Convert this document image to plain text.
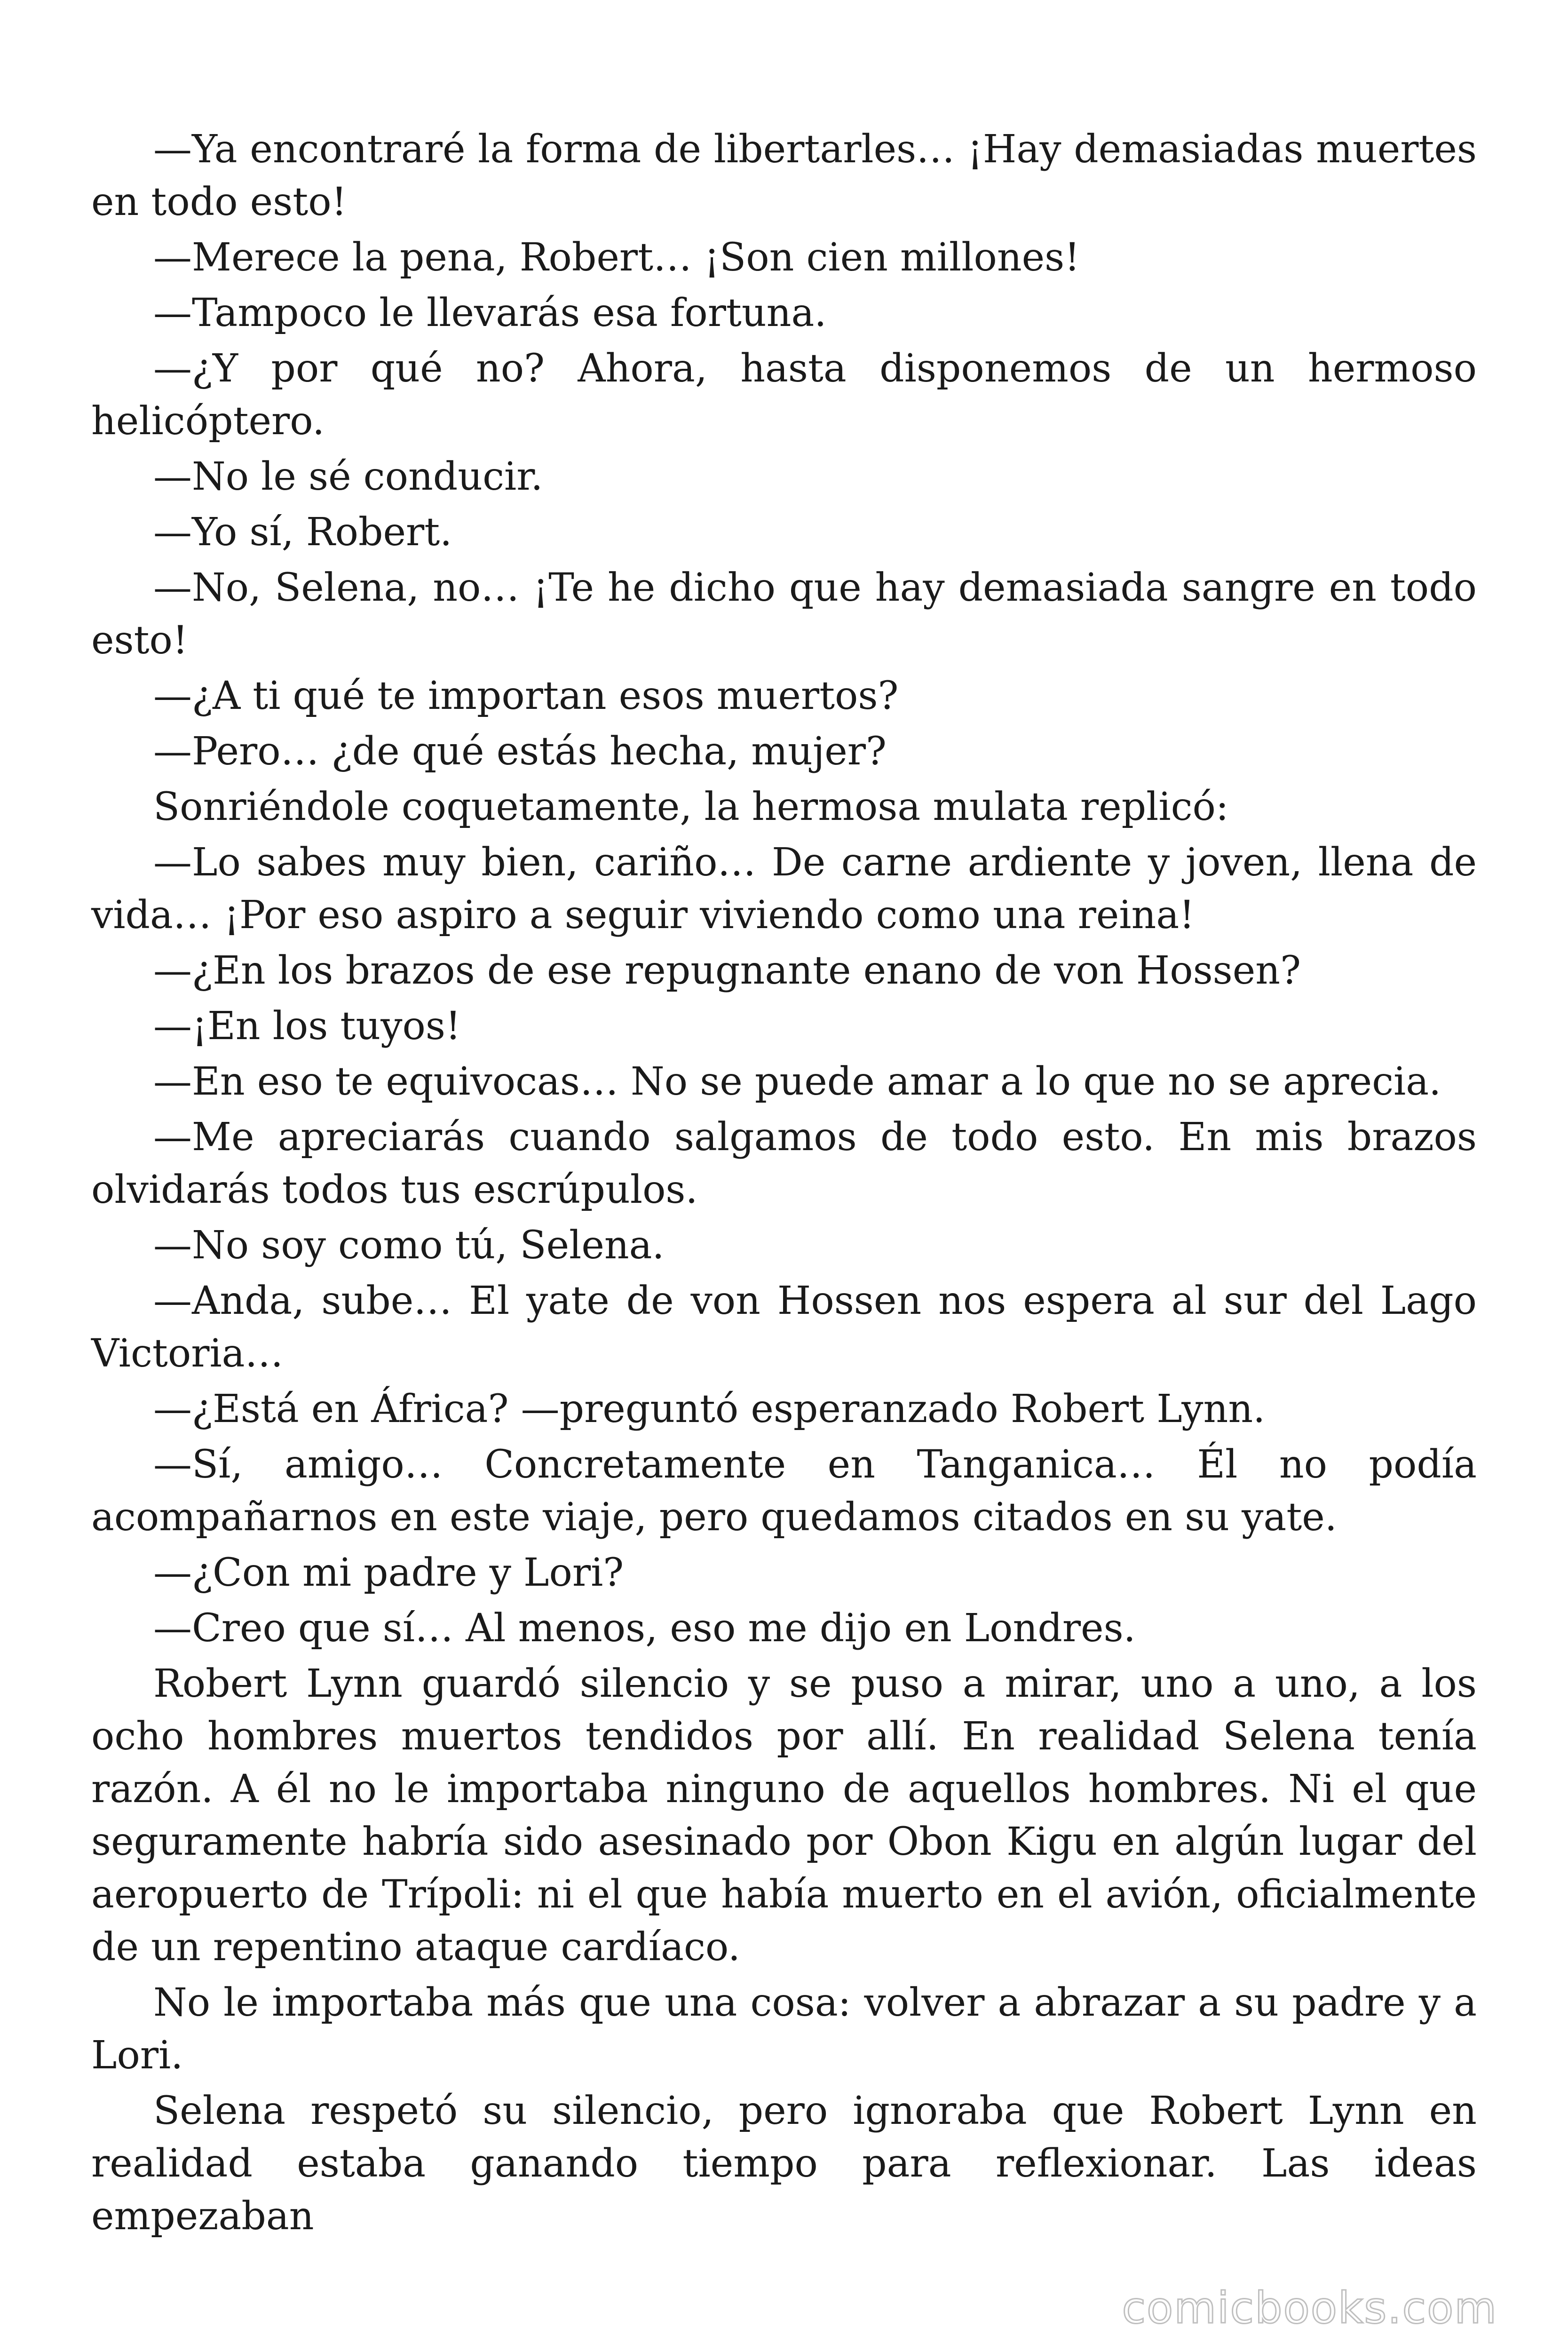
—Ya encontraré la forma de libertarles… ¡Hay demasiadas muertes en todo esto!

—Merece la pena, Robert… ¡Son cien millones!

—Tampoco le llevarás esa fortuna.

—¿Y por qué no? Ahora, hasta disponemos de un hermoso helicóptero.

—No le sé conducir.

—Yo sí, Robert.

—No, Selena, no… ¡Te he dicho que hay demasiada sangre en todo esto!

—¿A ti qué te importan esos muertos?

—Pero… ¿de qué estás hecha, mujer?

Sonriéndole coquetamente, la hermosa mulata replicó:

—Lo sabes muy bien, cariño… De carne ardiente y joven, llena de vida… ¡Por eso aspiro a seguir viviendo como una reina!

—¿En los brazos de ese repugnante enano de von Hossen?

—¡En los tuyos!

—En eso te equivocas… No se puede amar a lo que no se aprecia.

—Me apreciarás cuando salgamos de todo esto. En mis brazos olvidarás todos tus escrúpulos.

—No soy como tú, Selena.

—Anda, sube… El yate de von Hossen nos espera al sur del Lago Victoria…

—¿Está en África? —preguntó esperanzado Robert Lynn.

—Sí, amigo… Concretamente en Tanganica… Él no podía acompañarnos en este viaje, pero quedamos citados en su yate.

—¿Con mi padre y Lori?

—Creo que sí… Al menos, eso me dijo en Londres.

Robert Lynn guardó silencio y se puso a mirar, uno a uno, a los ocho hombres muertos tendidos por allí. En realidad Selena tenía razón. A él no le importaba ninguno de aquellos hombres. Ni el que seguramente habría sido asesinado por Obon Kigu en algún lugar del aeropuerto de Trípoli: ni el que había muerto en el avión, oficialmente de un repentino ataque cardíaco.

No le importaba más que una cosa: volver a abrazar a su padre y a Lori.

Selena respetó su silencio, pero ignoraba que Robert Lynn en realidad estaba ganando tiempo para reflexionar. Las ideas empezaban

comicbooks.com
